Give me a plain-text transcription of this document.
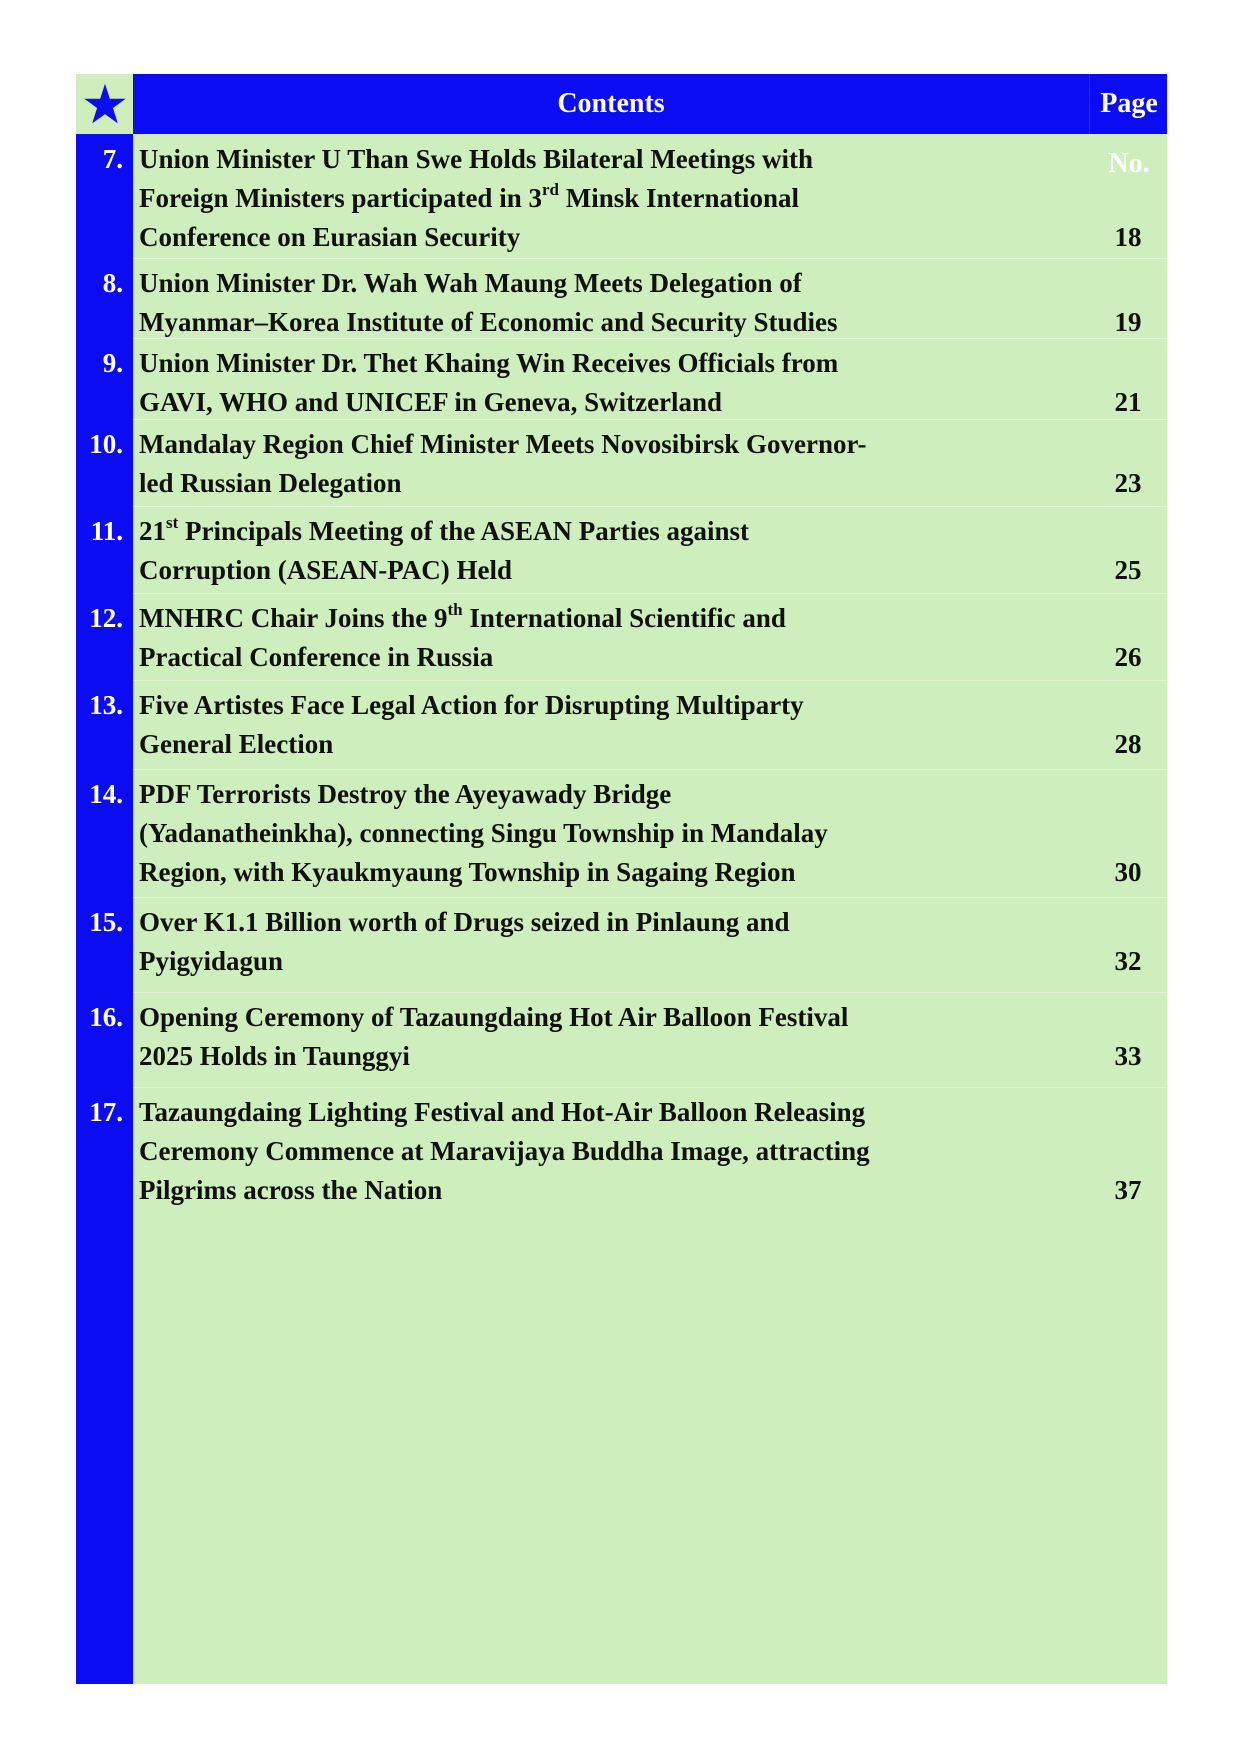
Contents	Page No.
7. Union Minister U Than Swe Holds Bilateral Meetings with
Foreign Ministers participated in 3rd Minsk International
Conference on Eurasian Security	18
8. Union Minister Dr. Wah Wah Maung Meets Delegation of
Myanmar–Korea Institute of Economic and Security Studies	19
9. Union Minister Dr. Thet Khaing Win Receives Officials from
GAVI, WHO and UNICEF in Geneva, Switzerland	21
10. Mandalay Region Chief Minister Meets Novosibirsk Governor-
led Russian Delegation	23
11. 21st Principals Meeting of the ASEAN Parties against
Corruption (ASEAN-PAC) Held	25
12. MNHRC Chair Joins the 9th International Scientific and
Practical Conference in Russia	26
13. Five Artistes Face Legal Action for Disrupting Multiparty
General Election	28
14. PDF Terrorists Destroy the Ayeyawady Bridge
(Yadanatheinkha), connecting Singu Township in Mandalay
Region, with Kyaukmyaung Township in Sagaing Region	30
15. Over K1.1 Billion worth of Drugs seized in Pinlaung and
Pyigyidagun	32
16. Opening Ceremony of Tazaungdaing Hot Air Balloon Festival
2025 Holds in Taunggyi	33
17. Tazaungdaing Lighting Festival and Hot-Air Balloon Releasing
Ceremony Commence at Maravijaya Buddha Image, attracting
Pilgrims across the Nation	37
